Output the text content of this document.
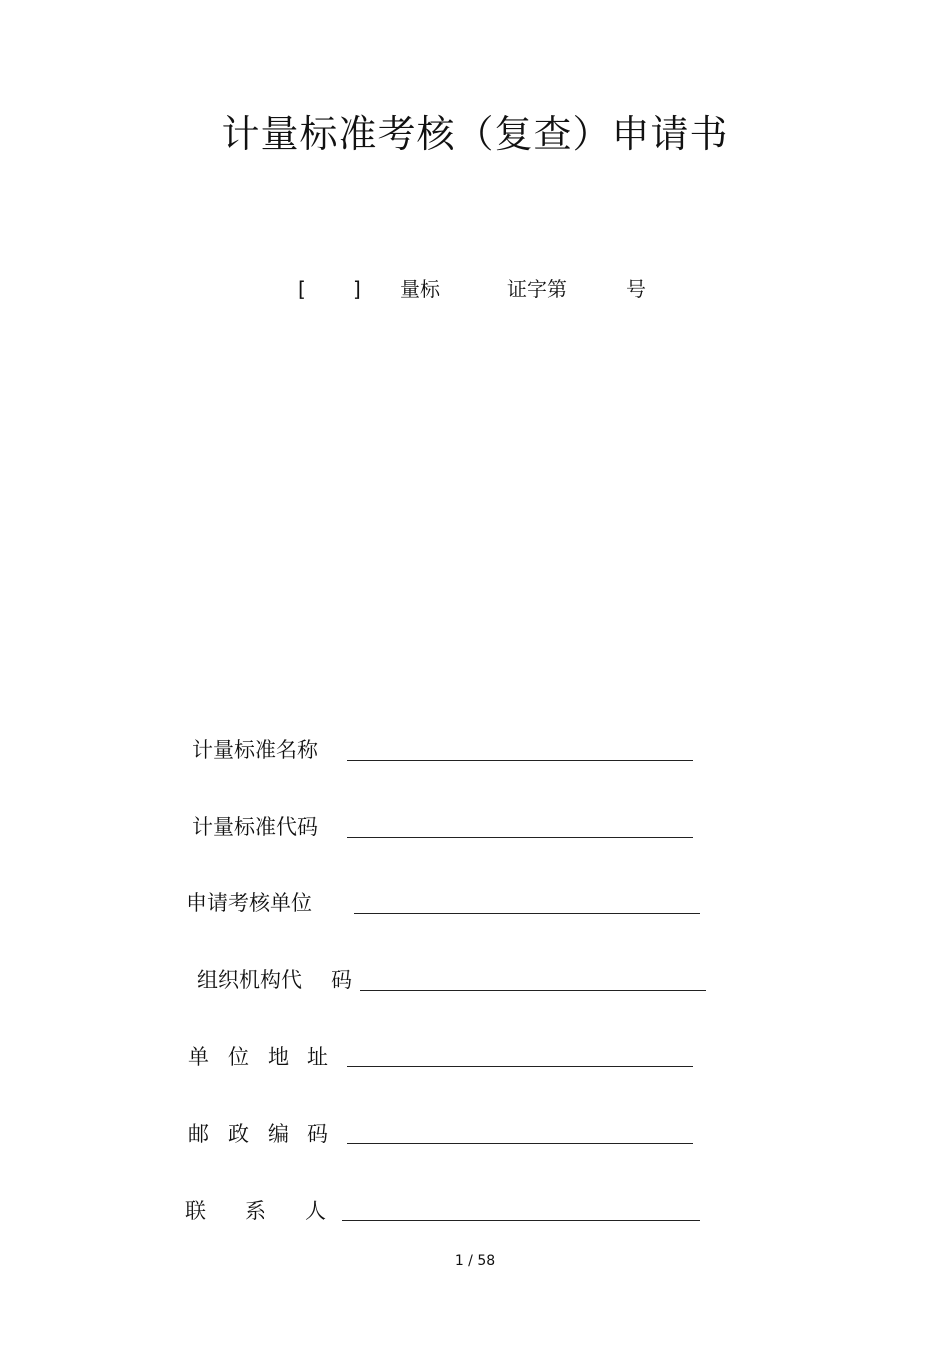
计量标准考核（复查）申请书
[ ] 量标	证字第	号
计量标准名称
计量标准代码
申请考核单位
组织机构代 码
单 位 地 址
邮 政 编 码
联 系 人
1 / 58
